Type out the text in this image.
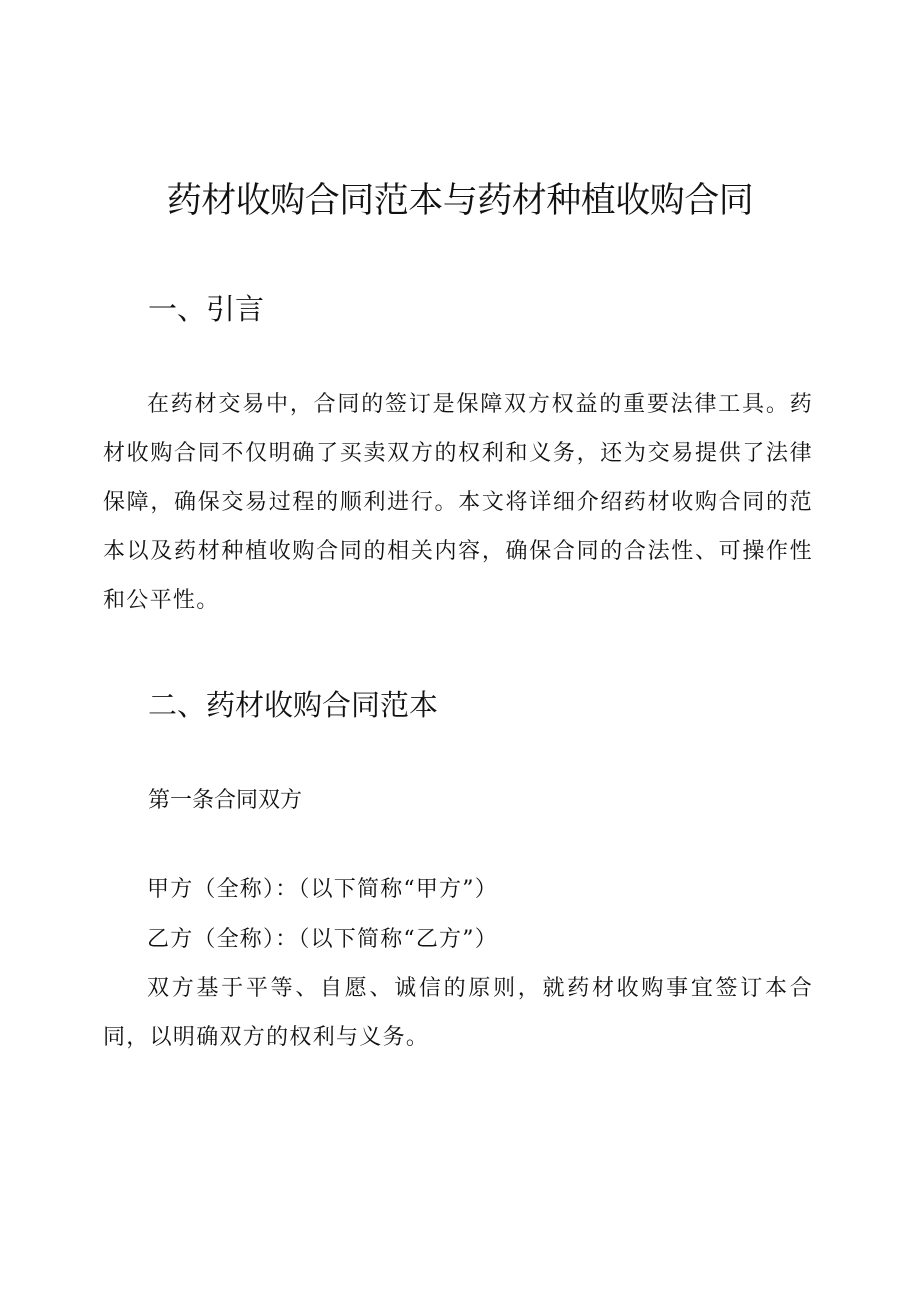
药材收购合同范本与药材种植收购合同
一、引言

在药材交易中，合同的签订是保障双方权益的重要法律工具。药材收购合同不仅明确了买卖双方的权利和义务，还为交易提供了法律保障，确保交易过程的顺利进行。本文将详细介绍药材收购合同的范本以及药材种植收购合同的相关内容，确保合同的合法性、可操作性和公平性。

二、药材收购合同范本
第一条合同双方

甲方（全称）：（以下简称“甲方”）

乙方（全称）：（以下简称“乙方”）

双方基于平等、自愿、诚信的原则，就药材收购事宜签订本合同，以明确双方的权利与义务。
